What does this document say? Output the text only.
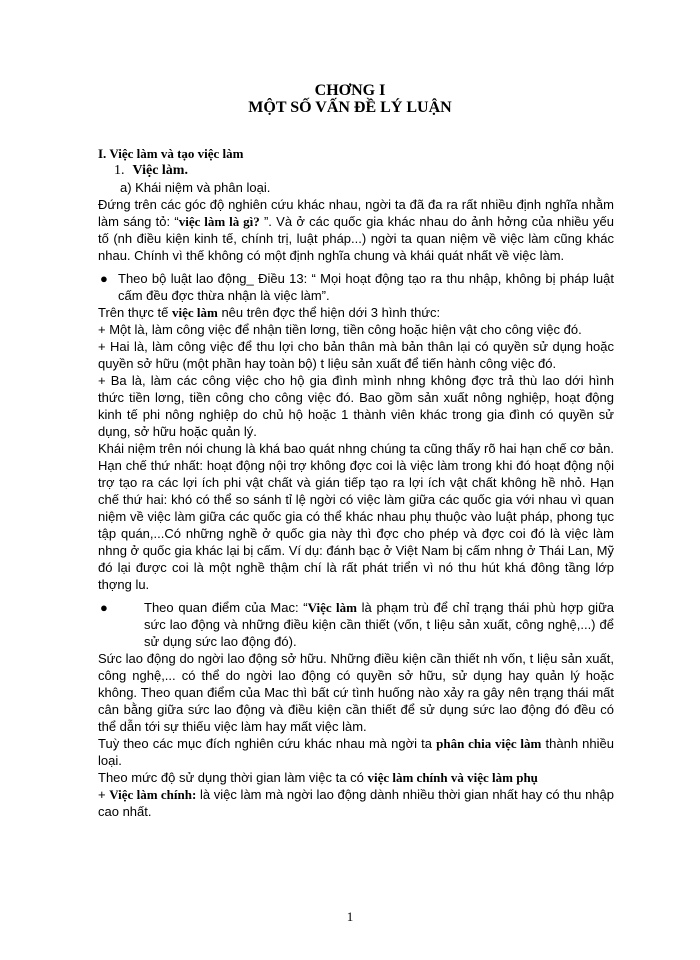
CHƠNG I
MỘT SỐ VẤN ĐỀ LÝ LUẬN
I. Việc làm và tạo việc làm
1. Việc làm.
a) Khái niệm và phân loại.

Đứng trên các góc độ nghiên cứu khác nhau, ngời ta đã đa ra rất nhiều định nghĩa nhằm làm sáng tỏ: “việc làm là gì? ”. Và ở các quốc gia khác nhau do ảnh hởng của nhiều yếu tố (nh điều kiện kinh tế, chính trị, luật pháp...) ngời ta quan niệm về việc làm cũng khác nhau. Chính vì thế không có một định nghĩa chung và khái quát nhất về việc làm.

● Theo bộ luật lao động_ Điều 13: “ Mọi hoạt động tạo ra thu nhập, không bị pháp luật cấm đều đợc thừa nhận là việc làm”.

Trên thực tế việc làm nêu trên đợc thể hiện dới 3 hình thức:

+ Một là, làm công việc để nhận tiền lơng, tiền công hoặc hiện vật cho công việc đó.

+ Hai là, làm công việc để thu lợi cho bản thân mà bản thân lại có quyền sử dụng hoặc quyền sở hữu (một phần hay toàn bộ) t liệu sản xuất để tiến hành công việc đó.

+ Ba là, làm các công việc cho hộ gia đình mình nhng không đợc trả thù lao dới hình thức tiền lơng, tiền công cho công việc đó. Bao gồm sản xuất nông nghiệp, hoạt động kinh tế phi nông nghiệp do chủ hộ hoặc 1 thành viên khác trong gia đình có quyền sử dụng, sở hữu hoặc quản lý.

Khái niệm trên nói chung là khá bao quát nhng chúng ta cũng thấy rõ hai hạn chế cơ bản. Hạn chế thứ nhất: hoạt động nội trợ không đợc coi là việc làm trong khi đó hoạt động nội trợ tạo ra các lợi ích phi vật chất và gián tiếp tạo ra lợi ích vật chất không hề nhỏ. Hạn chế thứ hai: khó có thể so sánh tỉ lệ ngời có việc làm giữa các quốc gia với nhau vì quan niệm về việc làm giữa các quốc gia có thể khác nhau phụ thuộc vào luật pháp, phong tục tập quán,...Có những nghề ở quốc gia này thì đợc cho phép và đợc coi đó là việc làm nhng ở quốc gia khác lại bị cấm. Ví dụ: đánh bạc ở Việt Nam bị cấm nhng ở Thái Lan, Mỹ đó lại được coi là một nghề thậm chí là rất phát triển vì nó thu hút khá đông tầng lớp thợng lu.

●	Theo quan điểm của Mac: “Việc làm là phạm trù để chỉ trạng thái phù hợp giữa sức lao động và những điều kiện cần thiết (vốn, t liệu sản xuất, công nghệ,...) để sử dụng sức lao động đó).

Sức lao động do ngời lao động sở hữu. Những điều kiện cần thiết nh vốn, t liệu sản xuất, công nghệ,... có thể do ngời lao động có quyền sở hữu, sử dụng hay quản lý hoặc không. Theo quan điểm của Mac thì bất cứ tình huống nào xảy ra gây nên trạng thái mất cân bằng giữa sức lao động và điều kiện cần thiết để sử dụng sức lao động đó đều có thể dẫn tới sự thiếu việc làm hay mất việc làm.

Tuỳ theo các mục đích nghiên cứu khác nhau mà ngời ta phân chia việc làm thành nhiều loại.

Theo mức độ sử dụng thời gian làm việc ta có việc làm chính và việc làm phụ

+ Việc làm chính: là việc làm mà ngời lao động dành nhiều thời gian nhất hay có thu nhập cao nhất.

1
